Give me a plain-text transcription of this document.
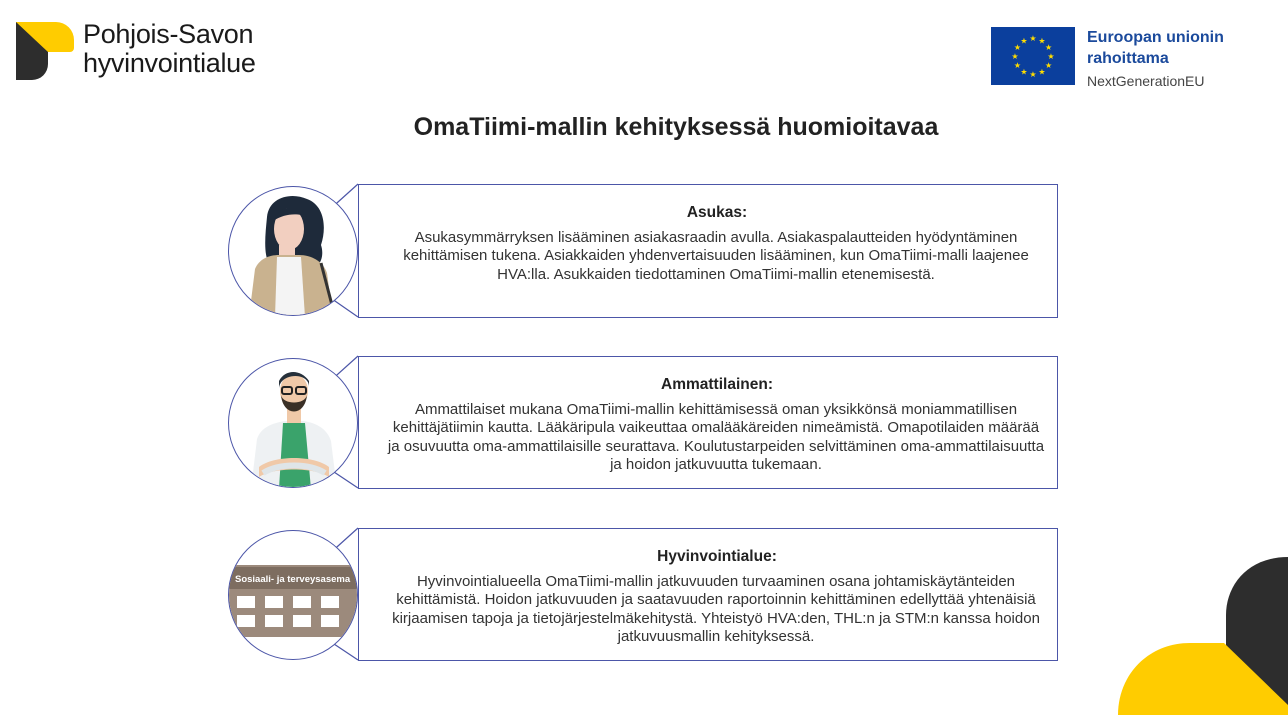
Pohjois-Savon
hyvinvointialue
★ ★
★
★
★
★
★
★
★
★
★
★	Euroopan unionin
rahoittama
NextGenerationEU
OmaTiimi-mallin kehityksessä huomioitavaa
Asukas:
Asukasymmärryksen lisääminen asiakasraadin avulla. Asiakaspalautteiden hyödyntäminen kehittämisen tukena. Asiakkaiden yhdenvertaisuuden lisääminen, kun OmaTiimi-malli laajenee HVA:lla. Asukkaiden tiedottaminen OmaTiimi-mallin etenemisestä.
Ammattilainen:
Ammattilaiset mukana OmaTiimi-mallin kehittämisessä oman yksikkönsä moniammatillisen kehittäjätiimin kautta. Lääkäripula vaikeuttaa omalääkäreiden nimeämistä. Omapotilaiden määrää ja osuvuutta oma-ammattilaisille seurattava. Koulutustarpeiden selvittäminen oma-ammattilaisuutta ja hoidon jatkuvuutta tukemaan.
Sosiaali- ja terveysasema
Hyvinvointialue:
Hyvinvointialueella OmaTiimi-mallin jatkuvuuden turvaaminen osana johtamiskäytänteiden kehittämistä. Hoidon jatkuvuuden ja saatavuuden raportoinnin kehittäminen edellyttää yhtenäisiä kirjaamisen tapoja ja tietojärjestelmäkehitystä. Yhteistyö HVA:den, THL:n ja STM:n kanssa hoidon jatkuvuusmallin kehityksessä.
